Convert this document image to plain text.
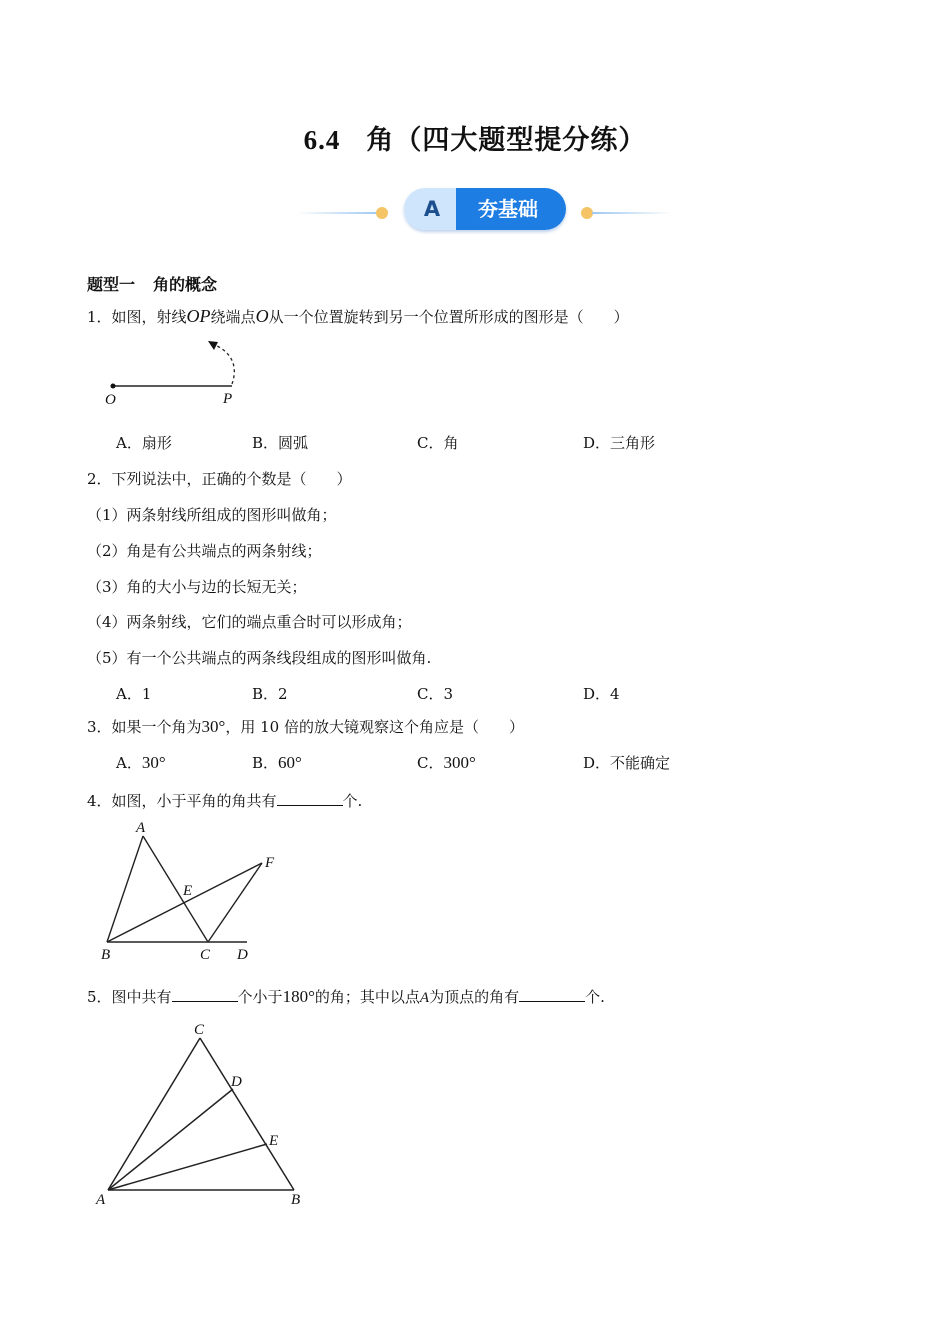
6.4 角（四大题型提分练）
A	夯基础
题型一 角的概念
1．如图，射线OP绕端点O从一个位置旋转到另一个位置所形成的图形是（　　）
O	P
A．扇形	B．圆弧	C．角	D．三角形
2．下列说法中，正确的个数是（　　）
（1）两条射线所组成的图形叫做角；
（2）角是有公共端点的两条射线；
（3）角的大小与边的长短无关；
（4）两条射线，它们的端点重合时可以形成角；
（5）有一个公共端点的两条线段组成的图形叫做角.
A．1	B．2	C．3	D．4
3．如果一个角为30°，用 10 倍的放大镜观察这个角应是（　　）
A．30°	B．60°	C．300°	D．不能确定
4．如图，小于平角的角共有	个.
A
B	C D
E
F
5．图中共有	个小于180°的角；其中以点A为顶点的角有	个.
C
D
E
A	B
